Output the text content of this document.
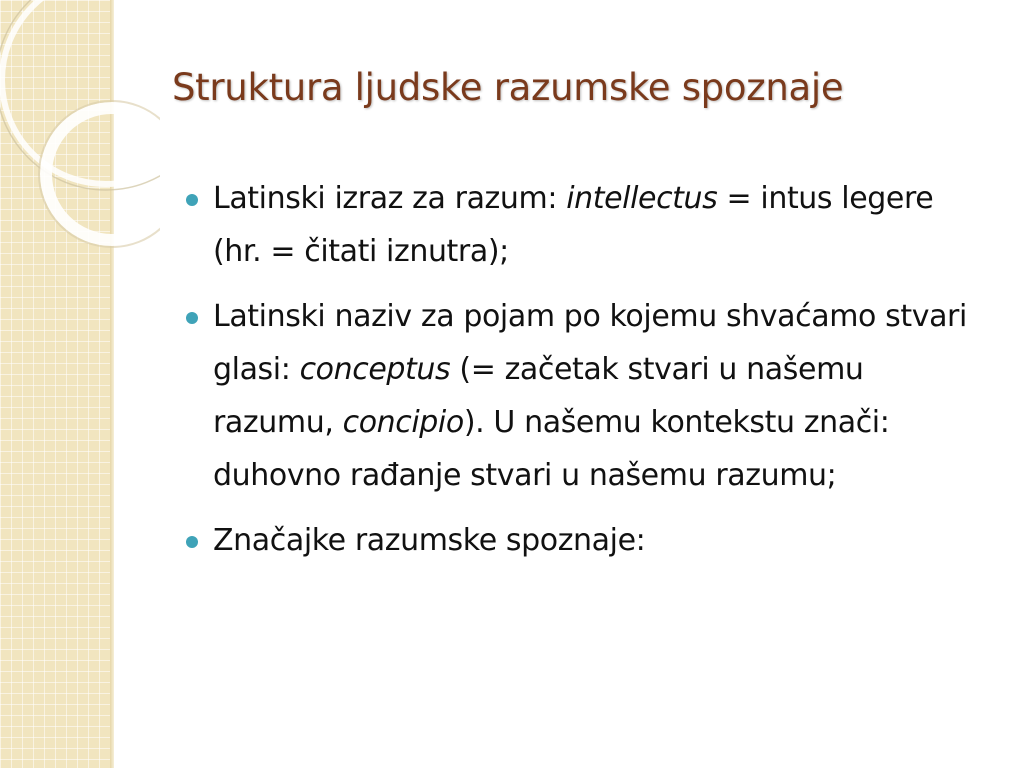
Struktura ljudske razumske spoznaje
Latinski izraz za razum: intellectus = intus legere (hr. = čitati iznutra);
Latinski naziv za pojam po kojemu shvaćamo stvari glasi: conceptus (= začetak stvari u našemu razumu, concipio). U našemu kontekstu znači: duhovno rađanje stvari u našemu razumu;
Značajke razumske spoznaje:
